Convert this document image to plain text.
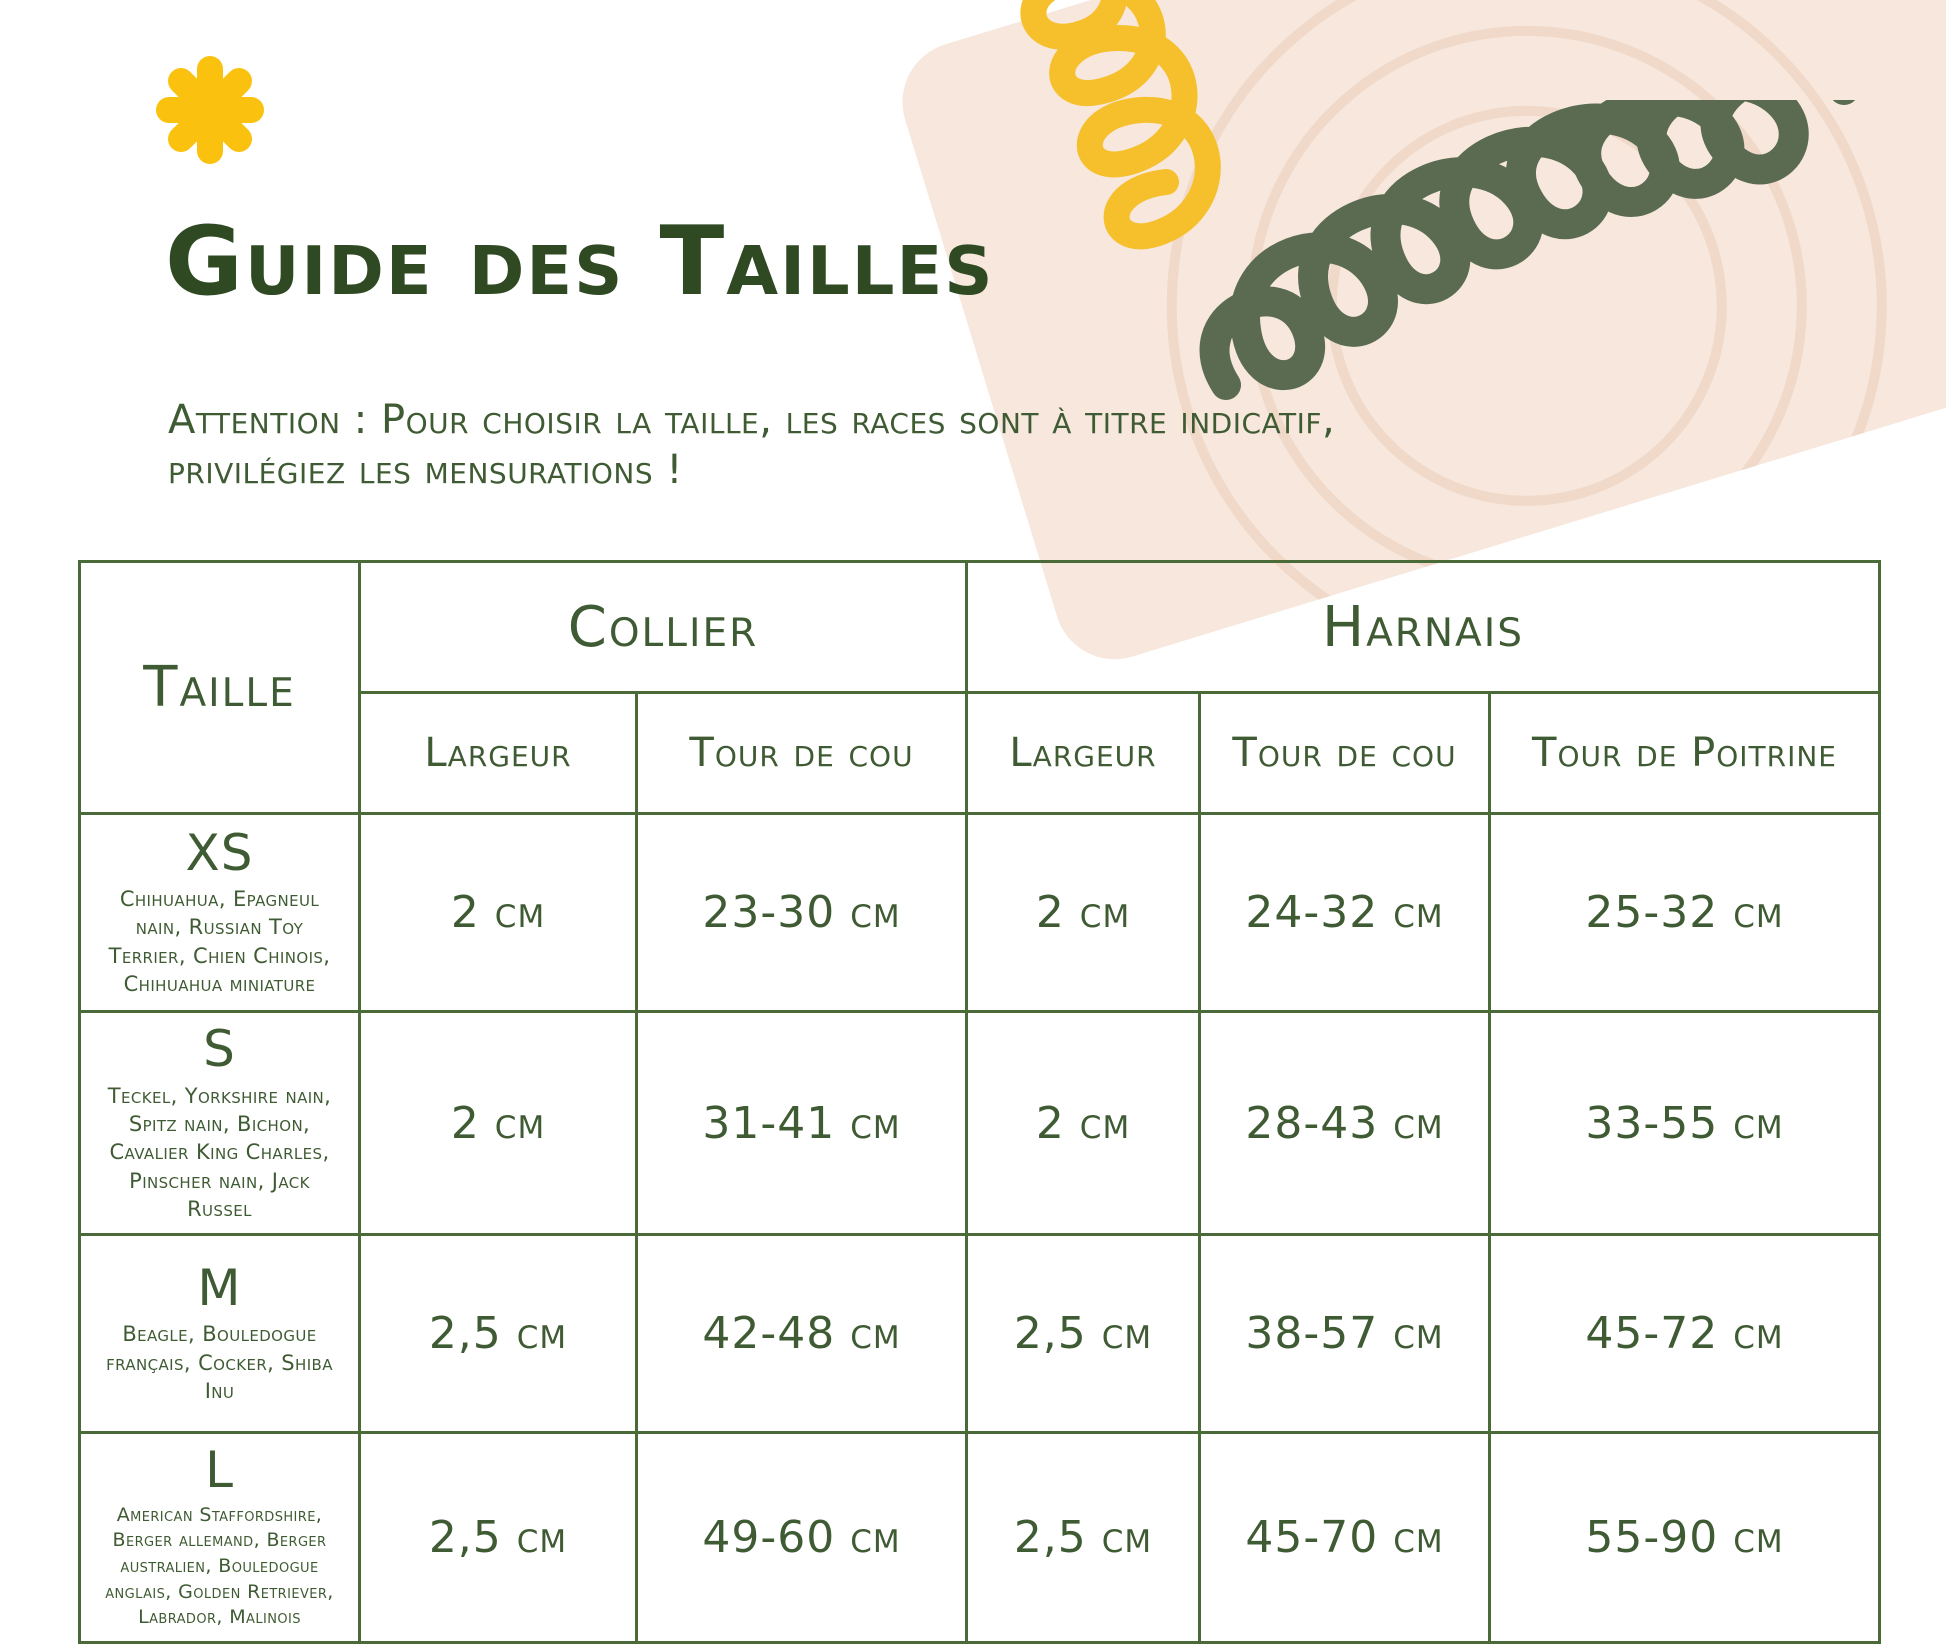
Guide des Tailles
Attention : Pour choisir la taille, les races sont à titre indicatif, privilégiez les mensurations !
Taille	Collier		Harnais		
	Largeur	Tour de cou	Largeur	Tour de cou	Tour de Poitrine

XS
Chihuahua, Epagneul nain, Russian Toy Terrier, Chien Chinois, Chihuahua miniature	2 cm	23-30 cm	2 cm	24-32 cm	25-32 cm

S
Teckel, Yorkshire nain, Spitz nain, Bichon, Cavalier King Charles, Pinscher nain, Jack Russel	2 cm	31-41 cm	2 cm	28-43 cm	33-55 cm

M
Beagle, Bouledogue français, Cocker, Shiba Inu	2,5 cm	42-48 cm	2,5 cm	38-57 cm	45-72 cm

L
American Staffordshire, Berger allemand, Berger australien, Bouledogue anglais, Golden Retriever, Labrador, Malinois	2,5 cm	49-60 cm	2,5 cm	45-70 cm	55-90 cm
